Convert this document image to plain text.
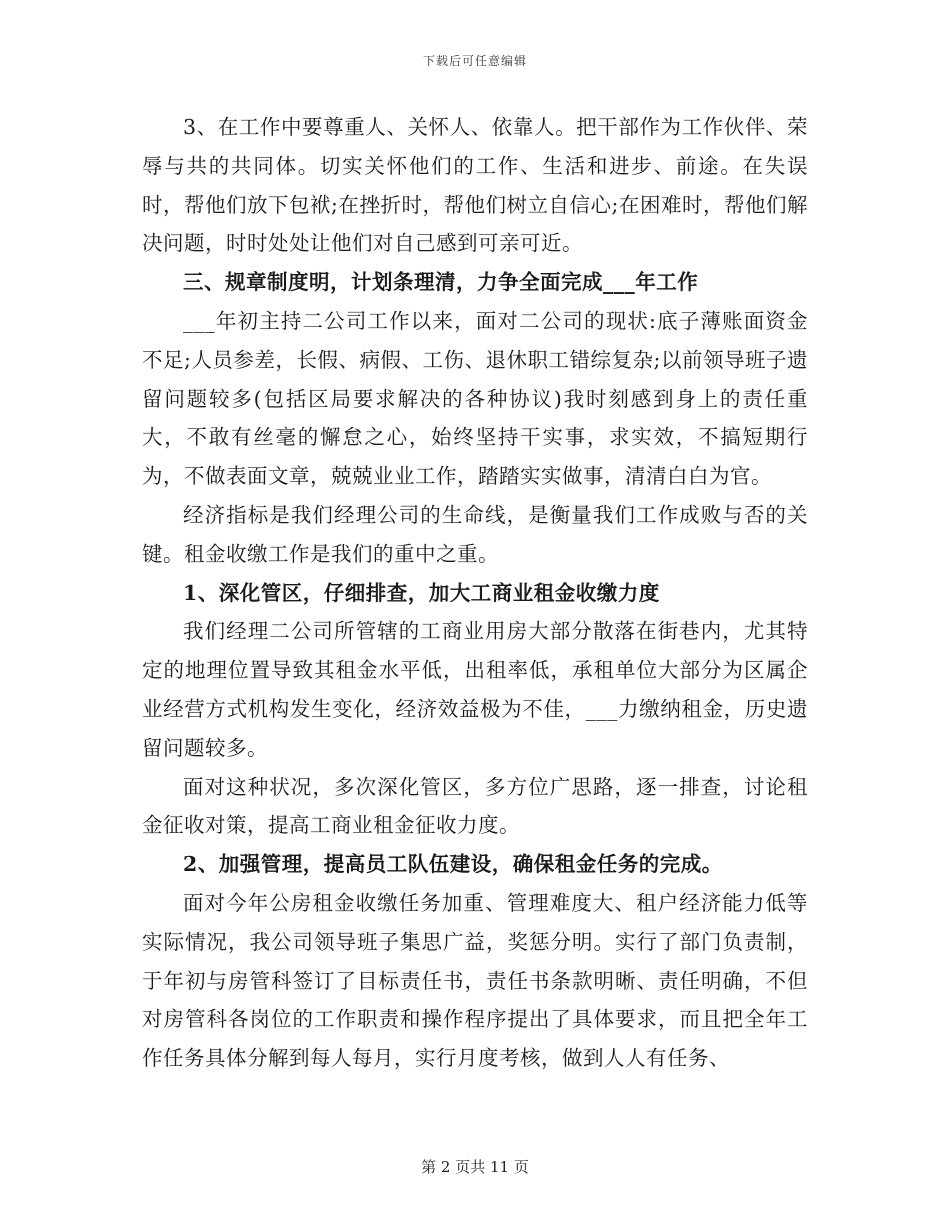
下载后可任意编辑

3、在工作中要尊重人、关怀人、依靠人。把干部作为工作伙伴、荣辱与共的共同体。切实关怀他们的工作、生活和进步、前途。在失误时，帮他们放下包袱;在挫折时，帮他们树立自信心;在困难时，帮他们解决问题，时时处处让他们对自己感到可亲可近。

三、规章制度明，计划条理清，力争全面完成___年工作

___年初主持二公司工作以来，面对二公司的现状:底子薄账面资金不足;人员参差，长假、病假、工伤、退休职工错综复杂;以前领导班子遗留问题较多(包括区局要求解决的各种协议)我时刻感到身上的责任重大，不敢有丝毫的懈怠之心，始终坚持干实事，求实效，不搞短期行为，不做表面文章，兢兢业业工作，踏踏实实做事，清清白白为官。

经济指标是我们经理公司的生命线，是衡量我们工作成败与否的关键。租金收缴工作是我们的重中之重。

1、深化管区，仔细排查，加大工商业租金收缴力度

我们经理二公司所管辖的工商业用房大部分散落在街巷内，尤其特定的地理位置导致其租金水平低，出租率低，承租单位大部分为区属企业经营方式机构发生变化，经济效益极为不佳，___力缴纳租金，历史遗留问题较多。

面对这种状况，多次深化管区，多方位广思路，逐一排查，讨论租金征收对策，提高工商业租金征收力度。

2、加强管理，提高员工队伍建设，确保租金任务的完成。

面对今年公房租金收缴任务加重、管理难度大、租户经济能力低等实际情况，我公司领导班子集思广益，奖惩分明。实行了部门负责制，于年初与房管科签订了目标责任书，责任书条款明晰、责任明确，不但对房管科各岗位的工作职责和操作程序提出了具体要求，而且把全年工作任务具体分解到每人每月，实行月度考核，做到人人有任务、

第 2 页共 11 页
